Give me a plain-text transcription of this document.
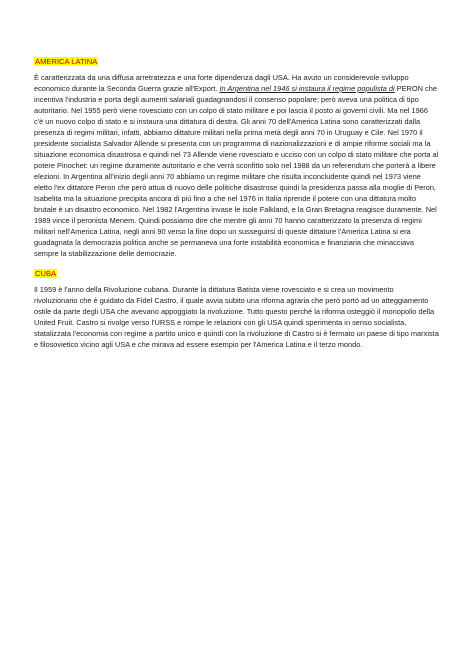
AMERICA LATINA

È caratterizzata da una diffusa arretratezza e una forte dipendenza dagli USA. Ha avuto un considerevole sviluppo economico durante la Seconda Guerra grazie all'Export. In Argentina nel 1946 si instaura il regime populista di PERON che incentiva l'industria e porta degli aumenti salariali guadagnandosi il consenso popolare; però aveva una politica di tipo autoritario. Nel 1955 però viene rovesciato con un colpo di stato militare e poi lascia il posto ai governi civili. Ma nel 1966 c'è un nuovo colpo di stato e si instaura una dittatura di destra. Gli anni 70 dell'America Latina sono caratterizzati dalla presenza di regimi militari, infatti, abbiamo dittature militari nella prima metà degli anni 70 in Uruguay e Cile. Nel 1970 il presidente socialista Salvador Allende si presenta con un programma di nazionalizzazioni e di ampie riforme sociali ma la situazione economica disastrosa e quindi nel 73 Allende viene rovesciato e ucciso con un colpo di stato militare che porta al potere Pinochet: un regime duramente autoritario e che verrà sconfitto solo nel 1988 da un referendum che porterà a libere elezioni. In Argentina all'inizio degli anni 70 abbiamo un regime militare che risulta inconcludente quindi nel 1973 viene eletto l'ex dittatore Peron che però attua di nuovo delle politiche disastrose quindi la presidenza passa alla moglie di Peron, Isabelita ma la situazione precipita ancora di più fino a che nel 1976 in Italia riprende il potere con una dittatura molto brutale è un disastro economico. Nel 1982 l'Argentina invase le isole Falkland, e la Gran Bretagna reagisce duramente. Nel 1989 vince il peronista Menem. Quindi possiamo dire che mentre gli anni 70 hanno caratterizzato la presenza di regimi militari nell'America Latina, negli anni 90 verso la fine dopo un susseguirsi di queste dittature l'America Latina si era guadagnata la democrazia politica anche se permaneva una forte instabilità economica e finanziaria che minacciava sempre la stabilizzazione delle democrazie.

CUBA

Il 1959 è l'anno della Rivoluzione cubana. Durante la dittatura Batista viene rovesciato e si crea un movimento rivoluzionario che è guidato da Fidel Castro, il quale avvia subito una riforma agraria che però portò ad un atteggiamento ostile da parte degli USA che avevano appoggiato la rivoluzione. Tutto questo perché la riforma osteggiò il monopolio della United Fruit. Castro si rivolge verso l'URSS e rompe le relazioni con gli USA quindi sperimenta in senso socialista, statalizzata l'economia con regime a partito unico e quindi con la rivoluzione di Castro si è fermato un paese di tipo marxista e filosovietico vicino agli USA e che mirava ad essere esempio per l'America Latina e il terzo mondo.
